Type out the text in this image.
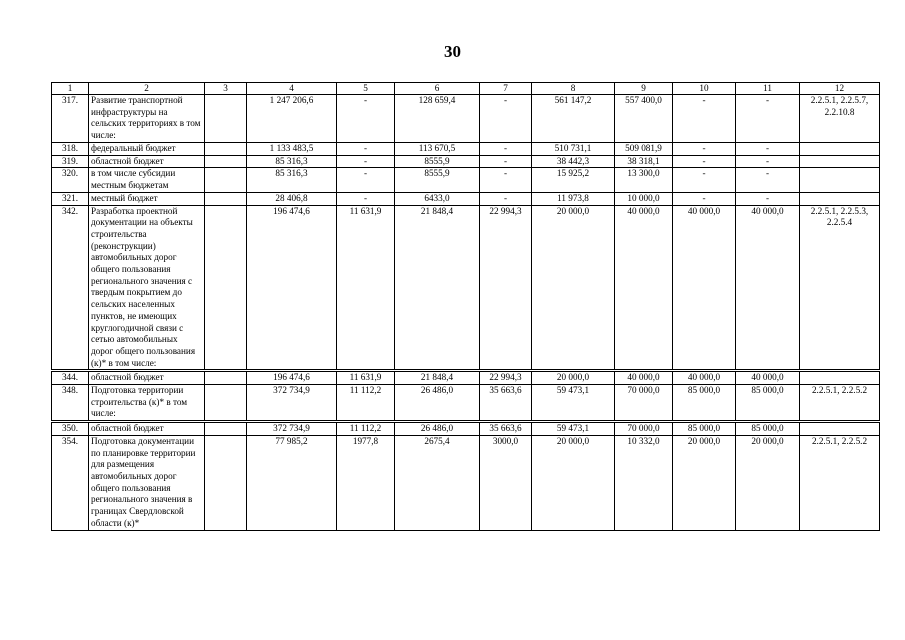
30
1	2	3	4	5	6	7	8	9	10	11	12
317.	Развитие транспортной инфраструктуры на сельских территориях в том числе:		1 247 206,6	-	128 659,4	-	561 147,2	557 400,0	-	-	2.2.5.1, 2.2.5.7, 2.2.10.8
318.	федеральный бюджет		1 133 483,5	-	113 670,5	-	510 731,1	509 081,9	-	-	
319.	областной бюджет		85 316,3	-	8555,9	-	38 442,3	38 318,1	-	-	
320.	в том числе субсидии местным бюджетам		85 316,3	-	8555,9	-	15 925,2	13 300,0	-	-	
321.	местный бюджет		28 406,8	-	6433,0	-	11 973,8	10 000,0	-	-	
342.	Разработка проектной документации на объекты строительства (реконструкции) автомобильных дорог общего пользования регионального значения с твердым покрытием до сельских населенных пунктов, не имеющих круглогодичной связи с сетью автомобильных дорог общего пользования (к)* в том числе:		196 474,6	11 631,9	21 848,4	22 994,3	20 000,0	40 000,0	40 000,0	40 000,0	2.2.5.1, 2.2.5.3, 2.2.5.4
344.	областной бюджет		196 474,6	11 631,9	21 848,4	22 994,3	20 000,0	40 000,0	40 000,0	40 000,0	
348.	Подготовка территории строительства (к)* в том числе:		372 734,9	11 112,2	26 486,0	35 663,6	59 473,1	70 000,0	85 000,0	85 000,0	2.2.5.1, 2.2.5.2
350.	областной бюджет		372 734,9	11 112,2	26 486,0	35 663,6	59 473,1	70 000,0	85 000,0	85 000,0	
354.	Подготовка документации по планировке территории для размещения автомобильных дорог общего пользования регионального значения в границах Свердловской области (к)*		77 985,2	1977,8	2675,4	3000,0	20 000,0	10 332,0	20 000,0	20 000,0	2.2.5.1, 2.2.5.2
